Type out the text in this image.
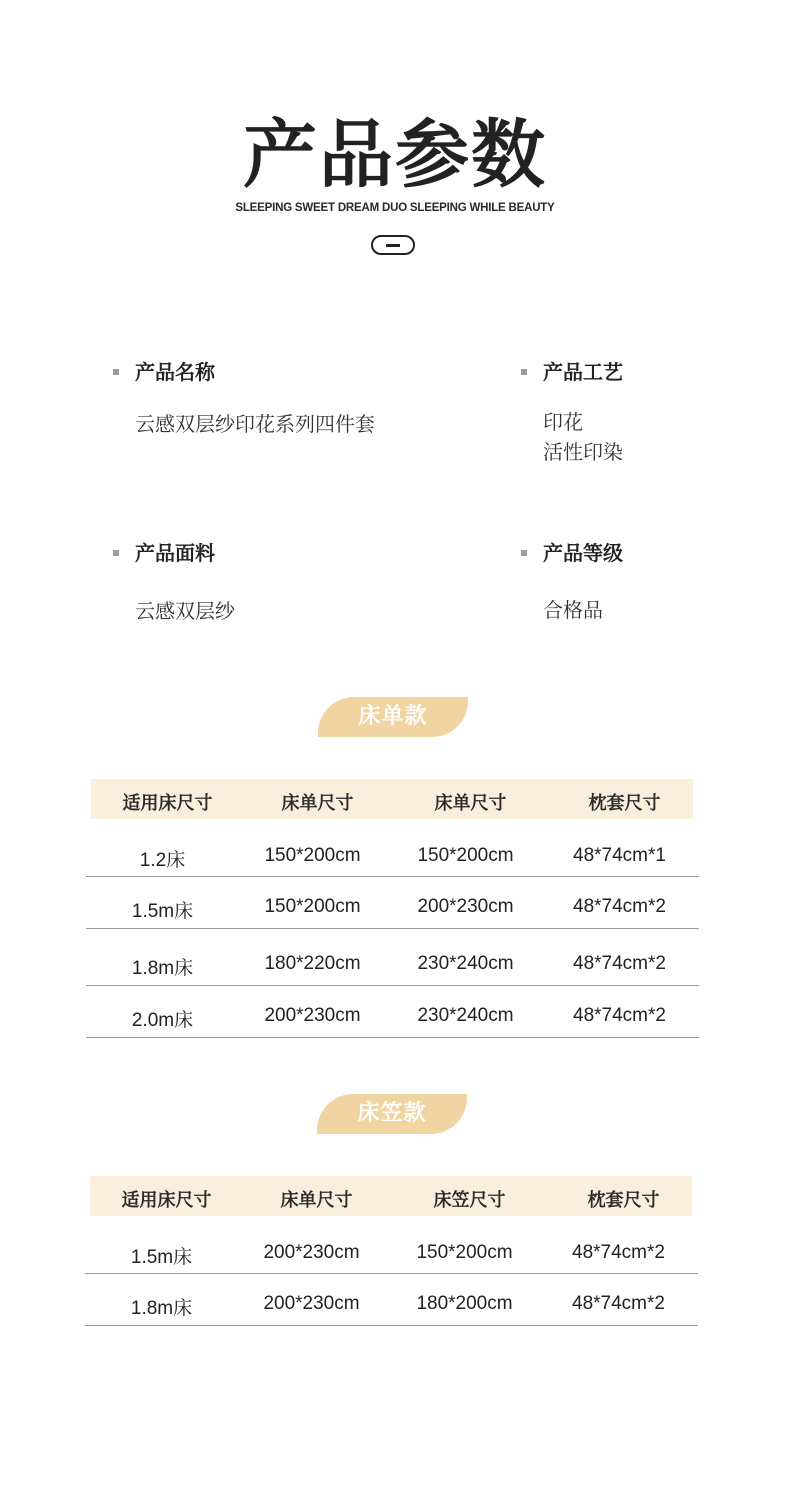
产品参数
SLEEPING SWEET DREAM DUO SLEEPING WHILE BEAUTY
产品名称
云感双层纱印花系列四件套
产品工艺
印花
活性印染
产品面料
云感双层纱
产品等级
合格品
床单款
适用床尺寸	床单尺寸	床单尺寸	枕套尺寸
1.2床	150*200cm	150*200cm	48*74cm*1
1.5m床	150*200cm	200*230cm	48*74cm*2
1.8m床	180*220cm	230*240cm	48*74cm*2
2.0m床	200*230cm	230*240cm	48*74cm*2
床笠款
适用床尺寸	床单尺寸	床笠尺寸	枕套尺寸
1.5m床	200*230cm	150*200cm	48*74cm*2
1.8m床	200*230cm	180*200cm	48*74cm*2
